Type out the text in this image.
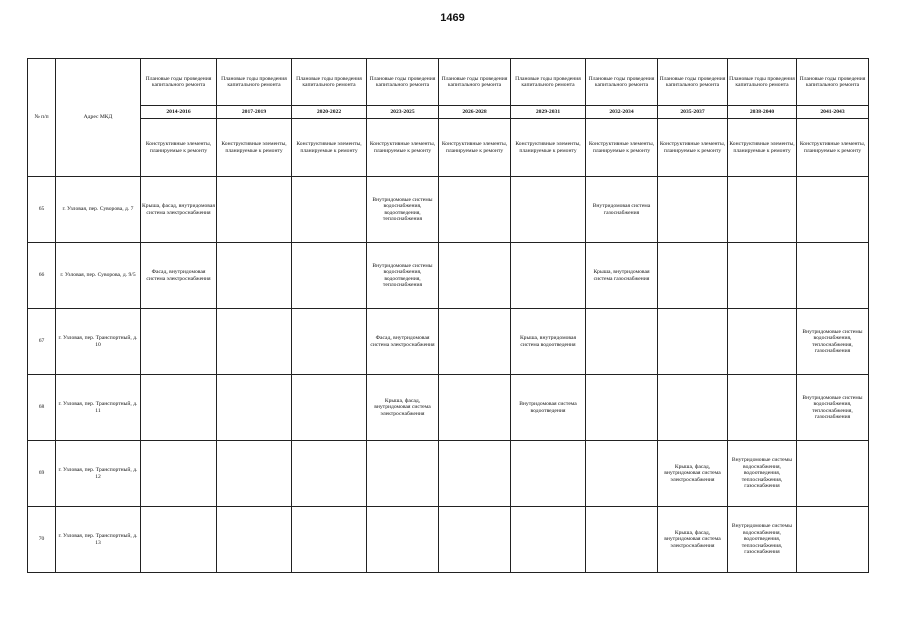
1469
№ п/п	Адрес МКД	Плановые годы проведения капитального ремонта	Плановые годы проведения капитального ремонта	Плановые годы проведения капитального ремонта	Плановые годы проведения капитального ремонта	Плановые годы проведения капитального ремонта	Плановые годы проведения капитального ремонта	Плановые годы проведения капитального ремонта	Плановые годы проведения капитального ремонта	Плановые годы проведения капитального ремонта	Плановые годы проведения капитального ремонта
		2014-2016	2017-2019	2020-2022	2023-2025	2026-2028	2029-2031	2032-2034	2035-2037	2038-2040	2041-2043
		Конструктивные элементы, планируемые к ремонту	Конструктивные элементы, планируемые к ремонту	Конструктивные элементы, планируемые к ремонту	Конструктивные элементы, планируемые к ремонту	Конструктивные элементы, планируемые к ремонту	Конструктивные элементы, планируемые к ремонту	Конструктивные элементы, планируемые к ремонту	Конструктивные элементы, планируемые к ремонту	Конструктивные элементы, планируемые к ремонту	Конструктивные элементы, планируемые к ремонту
65	г. Узловая, пер. Суворова, д. 7	Крыша, фасад, внутридомовая система электроснабжения			Внутридомовые системы водоснабжения, водоотведения, теплоснабжения			Внутридомовая система газоснабжения			
66	г. Узловая, пер. Суворова, д. 9/5	Фасад, внутридомовая система электроснабжения			Внутридомовые системы водоснабжения, водоотведения, теплоснабжения			Крыша, внутридомовая система газоснабжения			
67	г. Узловая, пер. Транспортный, д. 10				Фасад, внутридомовая система электроснабжения		Крыша, внутридомовая система водоотведения				Внутридомовые системы водоснабжения, теплоснабжения, газоснабжения
68	г. Узловая, пер. Транспортный, д. 11				Крыша, фасад, внутридомовая система электроснабжения		Внутридомовая система водоотведения				Внутридомовые системы водоснабжения, теплоснабжения, газоснабжения
69	г. Узловая, пер. Транспортный, д. 12								Крыша, фасад, внутридомовая система электроснабжения	Внутридомовые системы водоснабжения, водоотведения, теплоснабжения, газоснабжения	
70	г. Узловая, пер. Транспортный, д. 13								Крыша, фасад, внутридомовая система электроснабжения	Внутридомовые системы водоснабжения, водоотведения, теплоснабжения, газоснабжения	
